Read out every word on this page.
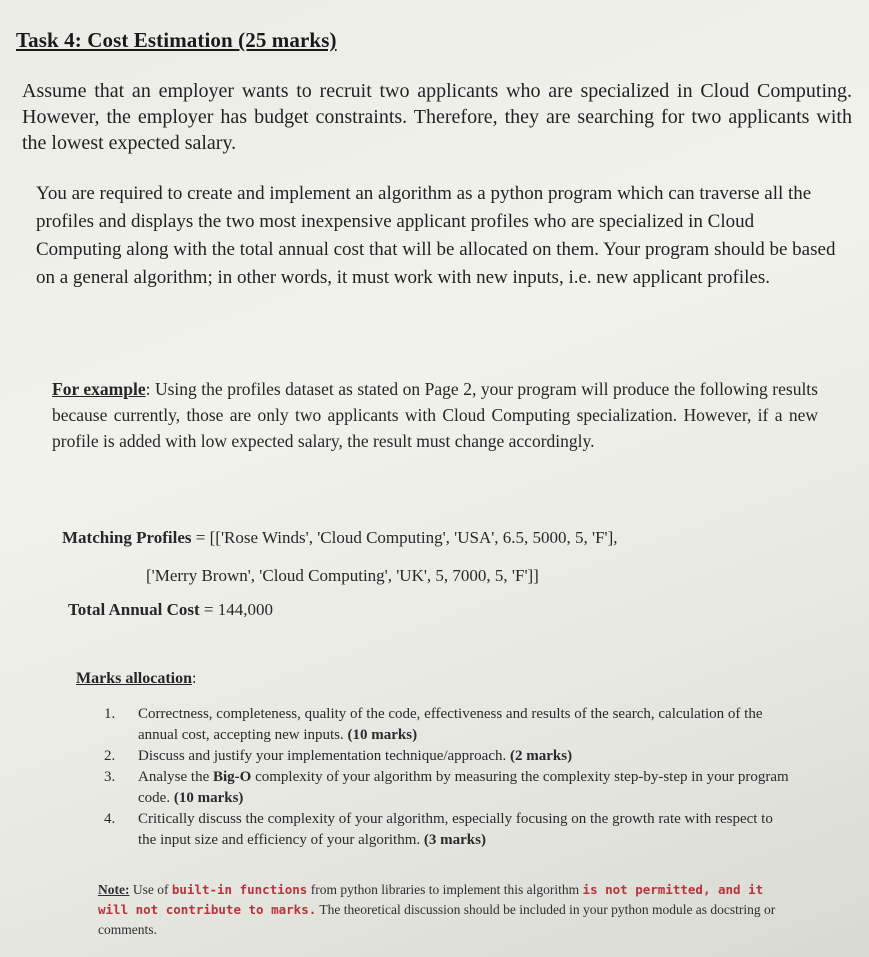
Task 4: Cost Estimation (25 marks)
Assume that an employer wants to recruit two applicants who are specialized in Cloud Computing. However, the employer has budget constraints. Therefore, they are searching for two applicants with the lowest expected salary.
You are required to create and implement an algorithm as a python program which can traverse all the profiles and displays the two most inexpensive applicant profiles who are specialized in Cloud Computing along with the total annual cost that will be allocated on them. Your program should be based on a general algorithm; in other words, it must work with new inputs, i.e. new applicant profiles.
For example: Using the profiles dataset as stated on Page 2, your program will produce the following results because currently, those are only two applicants with Cloud Computing specialization. However, if a new profile is added with low expected salary, the result must change accordingly.
Matching Profiles = [['Rose Winds', 'Cloud Computing', 'USA', 6.5, 5000, 5, 'F'],
['Merry Brown', 'Cloud Computing', 'UK', 5, 7000, 5, 'F']]
Total Annual Cost = 144,000
Marks allocation:
1. Correctness, completeness, quality of the code, effectiveness and results of the search, calculation of the annual cost, accepting new inputs. (10 marks)
2. Discuss and justify your implementation technique/approach. (2 marks)
3. Analyse the Big-O complexity of your algorithm by measuring the complexity step-by-step in your program code. (10 marks)
4. Critically discuss the complexity of your algorithm, especially focusing on the growth rate with respect to the input size and efficiency of your algorithm. (3 marks)
Note: Use of built-in functions from python libraries to implement this algorithm is not permitted, and it will not contribute to marks. The theoretical discussion should be included in your python module as docstring or comments.
